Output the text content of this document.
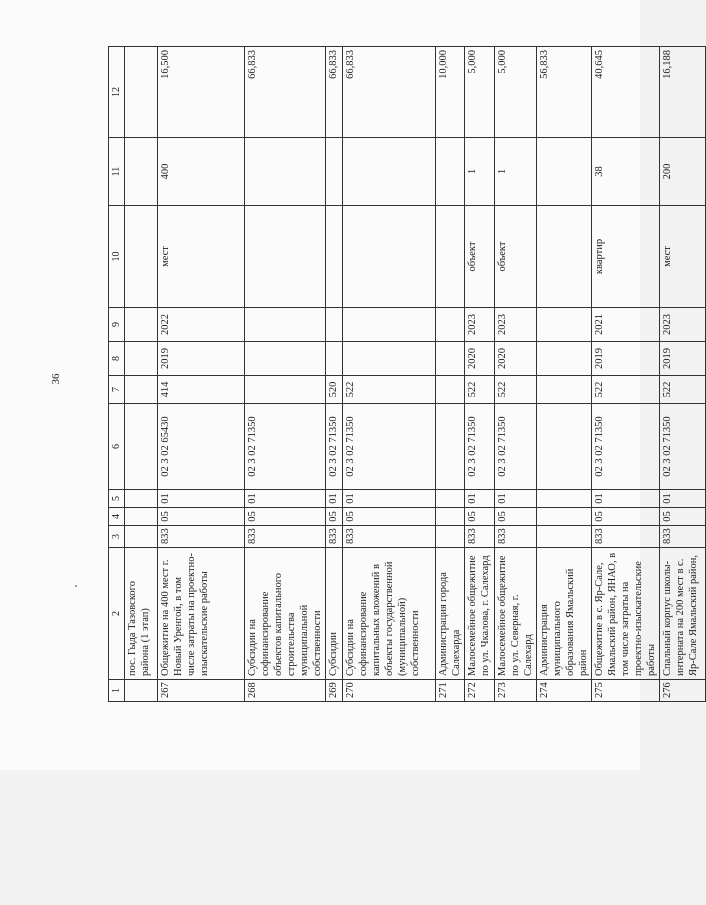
36
1	2	3	4	5	6	7	8	9	10	11	12
	пос. Гыда Тазовского района (1 этап)										
267	Общежитие на 400 мест г. Новый Уренгой, в том числе затраты на проектно-изыскательские работы	833	05	01	02 3 02 65430	414	2019	2022	мест	400	16,500
268	Субсидии на софинансирование объектов капитального строительства муниципальной собственности	833	05	01	02 3 02 71350						66,833
269	Субсидии	833	05	01	02 3 02 71350	520					66,833
270	Субсидии на софинансирование капитальных вложений в объекты государственной (муниципальной) собственности	833	05	01	02 3 02 71350	522					66,833
271	Администрация города Салехарда										10,000
272	Малосемейное общежитие по ул. Чкалова, г. Салехард	833	05	01	02 3 02 71350	522	2020	2023	объект	1	5,000
273	Малосемейное общежитие по ул. Северная, г. Салехард	833	05	01	02 3 02 71350	522	2020	2023	объект	1	5,000
274	Администрация муниципального образования Ямальский район										56,833
275	Общежитие в с. Яр-Сале, Ямальский район, ЯНАО, в том числе затраты на проектно-изыскательские работы	833	05	01	02 3 02 71350	522	2019	2021	квартир	38	40,645
276	Спальный корпус школы-интерната на 200 мест в с. Яр-Сале Ямальский район,	833	05	01	02 3 02 71350	522	2019	2023	мест	200	16,188
